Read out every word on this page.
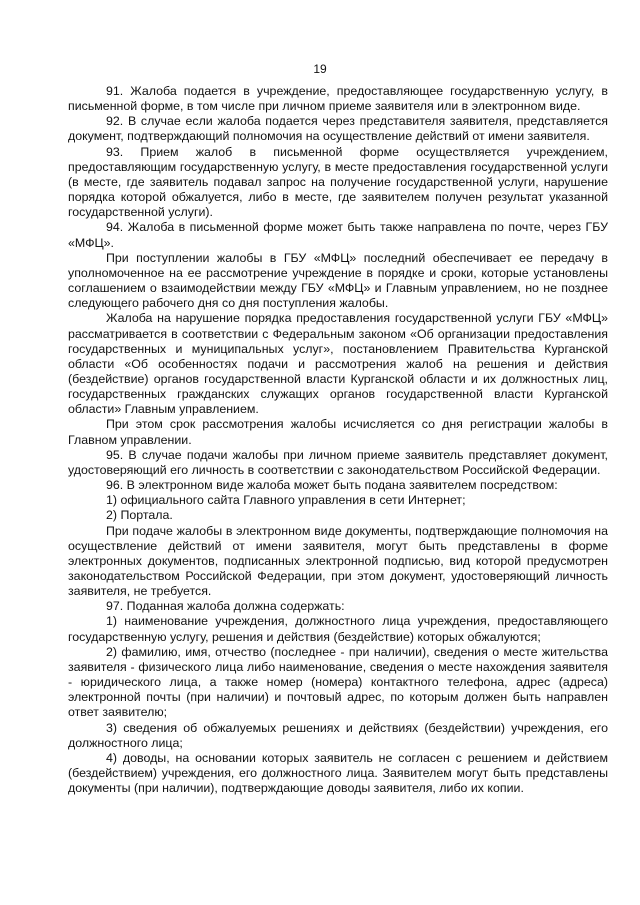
19

91. Жалоба подается в учреждение, предоставляющее государственную услугу, в письменной форме, в том числе при личном приеме заявителя или в электронном виде.

92. В случае если жалоба подается через представителя заявителя, представляется документ, подтверждающий полномочия на осуществление действий от имени заявителя.

93. Прием жалоб в письменной форме осуществляется учреждением, предоставляющим государственную услугу, в месте предоставления государственной услуги (в месте, где заявитель подавал запрос на получение государственной услуги, нарушение порядка которой обжалуется, либо в месте, где заявителем получен результат указанной государственной услуги).

94. Жалоба в письменной форме может быть также направлена по почте, через ГБУ «МФЦ».

При поступлении жалобы в ГБУ «МФЦ» последний обеспечивает ее передачу в уполномоченное на ее рассмотрение учреждение в порядке и сроки, которые установлены соглашением о взаимодействии между ГБУ «МФЦ» и Главным управлением, но не позднее следующего рабочего дня со дня поступления жалобы.

Жалоба на нарушение порядка предоставления государственной услуги ГБУ «МФЦ» рассматривается в соответствии с Федеральным законом «Об организации предоставления государственных и муниципальных услуг», постановлением Правительства Курганской области «Об особенностях подачи и рассмотрения жалоб на решения и действия (бездействие) органов государственной власти Курганской области и их должностных лиц, государственных гражданских служащих органов государственной власти Курганской области» Главным управлением.

При этом срок рассмотрения жалобы исчисляется со дня регистрации жалобы в Главном управлении.

95. В случае подачи жалобы при личном приеме заявитель представляет документ, удостоверяющий его личность в соответствии с законодательством Российской Федерации.

96. В электронном виде жалоба может быть подана заявителем посредством:

1) официального сайта Главного управления в сети Интернет;

2) Портала.

При подаче жалобы в электронном виде документы, подтверждающие полномочия на осуществление действий от имени заявителя, могут быть представлены в форме электронных документов, подписанных электронной подписью, вид которой предусмотрен законодательством Российской Федерации, при этом документ, удостоверяющий личность заявителя, не требуется.

97. Поданная жалоба должна содержать:

1) наименование учреждения, должностного лица учреждения, предоставляющего государственную услугу, решения и действия (бездействие) которых обжалуются;

2) фамилию, имя, отчество (последнее - при наличии), сведения о месте жительства заявителя - физического лица либо наименование, сведения о месте нахождения заявителя - юридического лица, а также номер (номера) контактного телефона, адрес (адреса) электронной почты (при наличии) и почтовый адрес, по которым должен быть направлен ответ заявителю;

3) сведения об обжалуемых решениях и действиях (бездействии) учреждения, его должностного лица;

4) доводы, на основании которых заявитель не согласен с решением и действием (бездействием) учреждения, его должностного лица. Заявителем могут быть представлены документы (при наличии), подтверждающие доводы заявителя, либо их копии.
